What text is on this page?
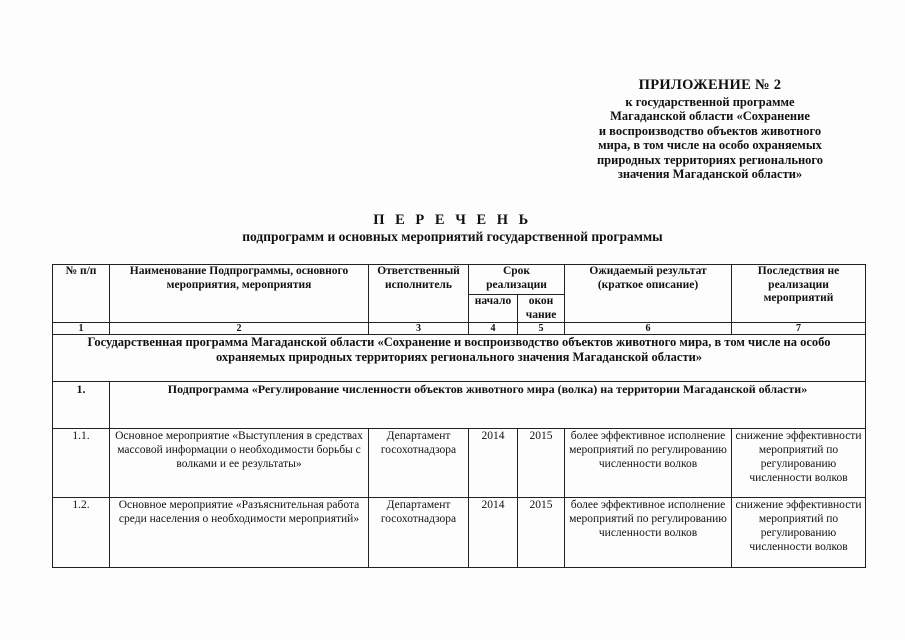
ПРИЛОЖЕНИЕ № 2
к государственной программе
Магаданской области «Сохранение
и воспроизводство объектов животного
мира, в том числе на особо охраняемых
природных территориях регионального
значения Магаданской области»
П Е Р Е Ч Е Н Ь
подпрограмм и основных мероприятий государственной программы
№ п/п	Наименование Подпрограммы, основного мероприятия, мероприятия	Ответственный исполнитель	Срок реализации		Ожидаемый результат (краткое описание)	Последствия не реализации мероприятий
			начало	окон чание		
1	2	3	4	5	6	7
Государственная программа Магаданской области «Сохранение и воспроизводство объектов животного мира, в том числе на особо охраняемых природных территориях регионального значения Магаданской области»						
1.	Подпрограмма «Регулирование численности объектов животного мира (волка) на территории Магаданской области»					
1.1.	Основное мероприятие «Выступления в средствах массовой информации о необходимости борьбы с волками и ее результаты»	Департамент госохотнадзора	2014	2015	более эффективное исполнение мероприятий по регулированию численности волков	снижение эффективности мероприятий по регулированию численности волков
1.2.	Основное мероприятие «Разъяснительная работа среди населения о необходимости мероприятий»	Департамент госохотнадзора	2014	2015	более эффективное исполнение мероприятий по регулированию численности волков	снижение эффективности мероприятий по регулированию численности волков
